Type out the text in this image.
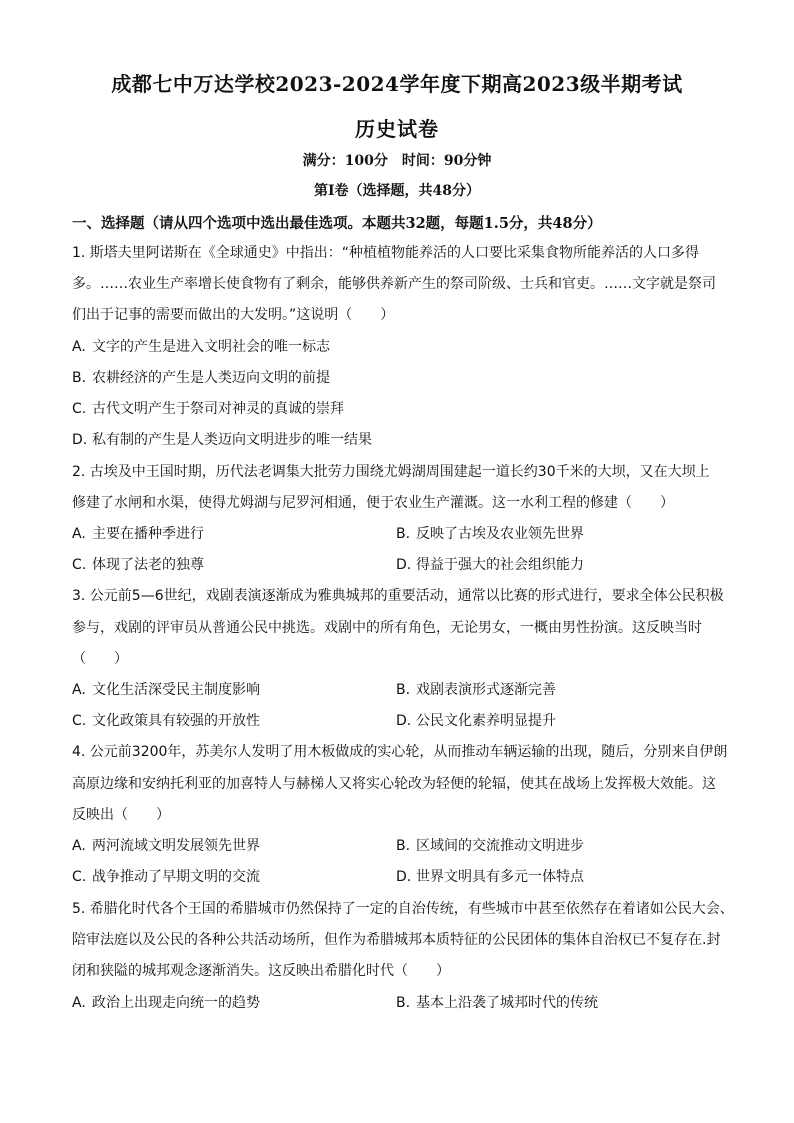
成都七中万达学校2023-2024学年度下期高2023级半期考试
历史试卷
满分：100分　时间：90分钟
第Ⅰ卷（选择题，共48分）
一、选择题（请从四个选项中选出最佳选项。本题共32题，每题1.5分，共48分）
1. 斯塔夫里阿诺斯在《全球通史》中指出：“种植植物能养活的人口要比采集食物所能养活的人口多得
多。……农业生产率增长使食物有了剩余，能够供养新产生的祭司阶级、士兵和官吏。……文字就是祭司
们出于记事的需要而做出的大发明。”这说明（　　）
A. 文字的产生是进入文明社会的唯一标志
B. 农耕经济的产生是人类迈向文明的前提
C. 古代文明产生于祭司对神灵的真诚的崇拜
D. 私有制的产生是人类迈向文明进步的唯一结果
2. 古埃及中王国时期，历代法老调集大批劳力围绕尤姆湖周围建起一道长约30千米的大坝，又在大坝上
修建了水闸和水渠，使得尤姆湖与尼罗河相通，便于农业生产灌溉。这一水利工程的修建（　　）
A. 主要在播种季进行	B. 反映了古埃及农业领先世界
C. 体现了法老的独尊	D. 得益于强大的社会组织能力
3. 公元前5—6世纪，戏剧表演逐渐成为雅典城邦的重要活动，通常以比赛的形式进行，要求全体公民积极
参与，戏剧的评审员从普通公民中挑选。戏剧中的所有角色，无论男女，一概由男性扮演。这反映当时
（　　）
A. 文化生活深受民主制度影响	B. 戏剧表演形式逐渐完善
C. 文化政策具有较强的开放性	D. 公民文化素养明显提升
4. 公元前3200年，苏美尔人发明了用木板做成的实心轮，从而推动车辆运输的出现，随后，分别来自伊朗
高原边缘和安纳托利亚的加喜特人与赫梯人又将实心轮改为轻便的轮辐，使其在战场上发挥极大效能。这
反映出（　　）
A. 两河流域文明发展领先世界	B. 区域间的交流推动文明进步
C. 战争推动了早期文明的交流	D. 世界文明具有多元一体特点
5. 希腊化时代各个王国的希腊城市仍然保持了一定的自治传统，有些城市中甚至依然存在着诸如公民大会、
陪审法庭以及公民的各种公共活动场所，但作为希腊城邦本质特征的公民团体的集体自治权已不复存在.封
闭和狭隘的城邦观念逐渐消失。这反映出希腊化时代（　　）
A. 政治上出现走向统一的趋势	B. 基本上沿袭了城邦时代的传统
